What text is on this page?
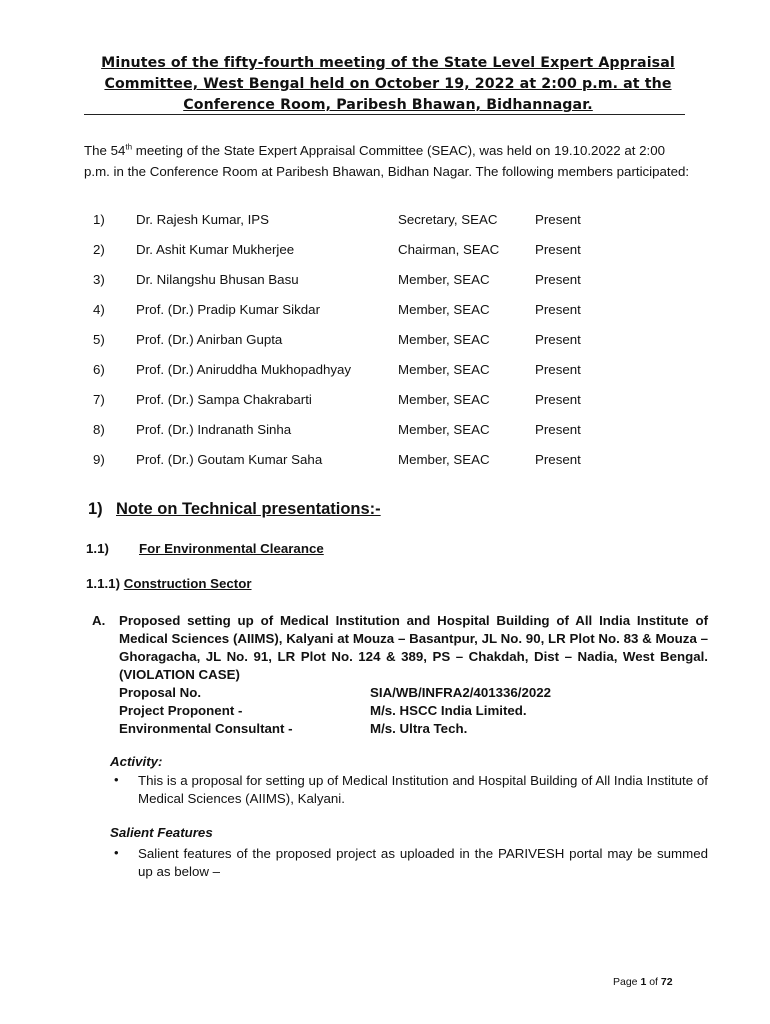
Minutes of the fifty-fourth meeting of the State Level Expert Appraisal
Committee, West Bengal held on October 19, 2022 at 2:00 p.m. at the
Conference Room, Paribesh Bhawan, Bidhannagar.
The 54th meeting of the State Expert Appraisal Committee (SEAC), was held on 19.10.2022 at 2:00 p.m. in the Conference Room at Paribesh Bhawan, Bidhan Nagar. The following members participated:
1) Dr. Rajesh Kumar, IPS	Secretary, SEAC	Present
2) Dr. Ashit Kumar Mukherjee	Chairman, SEAC	Present
3) Dr. Nilangshu Bhusan Basu	Member, SEAC	Present
4) Prof. (Dr.) Pradip Kumar Sikdar	Member, SEAC	Present
5) Prof. (Dr.) Anirban Gupta	Member, SEAC	Present
6) Prof. (Dr.) Aniruddha Mukhopadhyay	Member, SEAC	Present
7) Prof. (Dr.) Sampa Chakrabarti	Member, SEAC	Present
8) Prof. (Dr.) Indranath Sinha	Member, SEAC	Present
9) Prof. (Dr.) Goutam Kumar Saha	Member, SEAC	Present
1) Note on Technical presentations:-
1.1) For Environmental Clearance
1.1.1) Construction Sector
A. Proposed setting up of Medical Institution and Hospital Building of All India Institute of Medical Sciences (AIIMS), Kalyani at Mouza – Basantpur, JL No. 90, LR Plot No. 83 & Mouza – Ghoragacha, JL No. 91, LR Plot No. 124 & 389, PS – Chakdah, Dist – Nadia, West Bengal. (VIOLATION CASE)
Proposal No.	SIA/WB/INFRA2/401336/2022
Project Proponent -	M/s. HSCC India Limited.
Environmental Consultant -	M/s. Ultra Tech.
Activity:
• This is a proposal for setting up of Medical Institution and Hospital Building of All India Institute of Medical Sciences (AIIMS), Kalyani.
Salient Features
• Salient features of the proposed project as uploaded in the PARIVESH portal may be summed up as below –
Page 1 of 72
